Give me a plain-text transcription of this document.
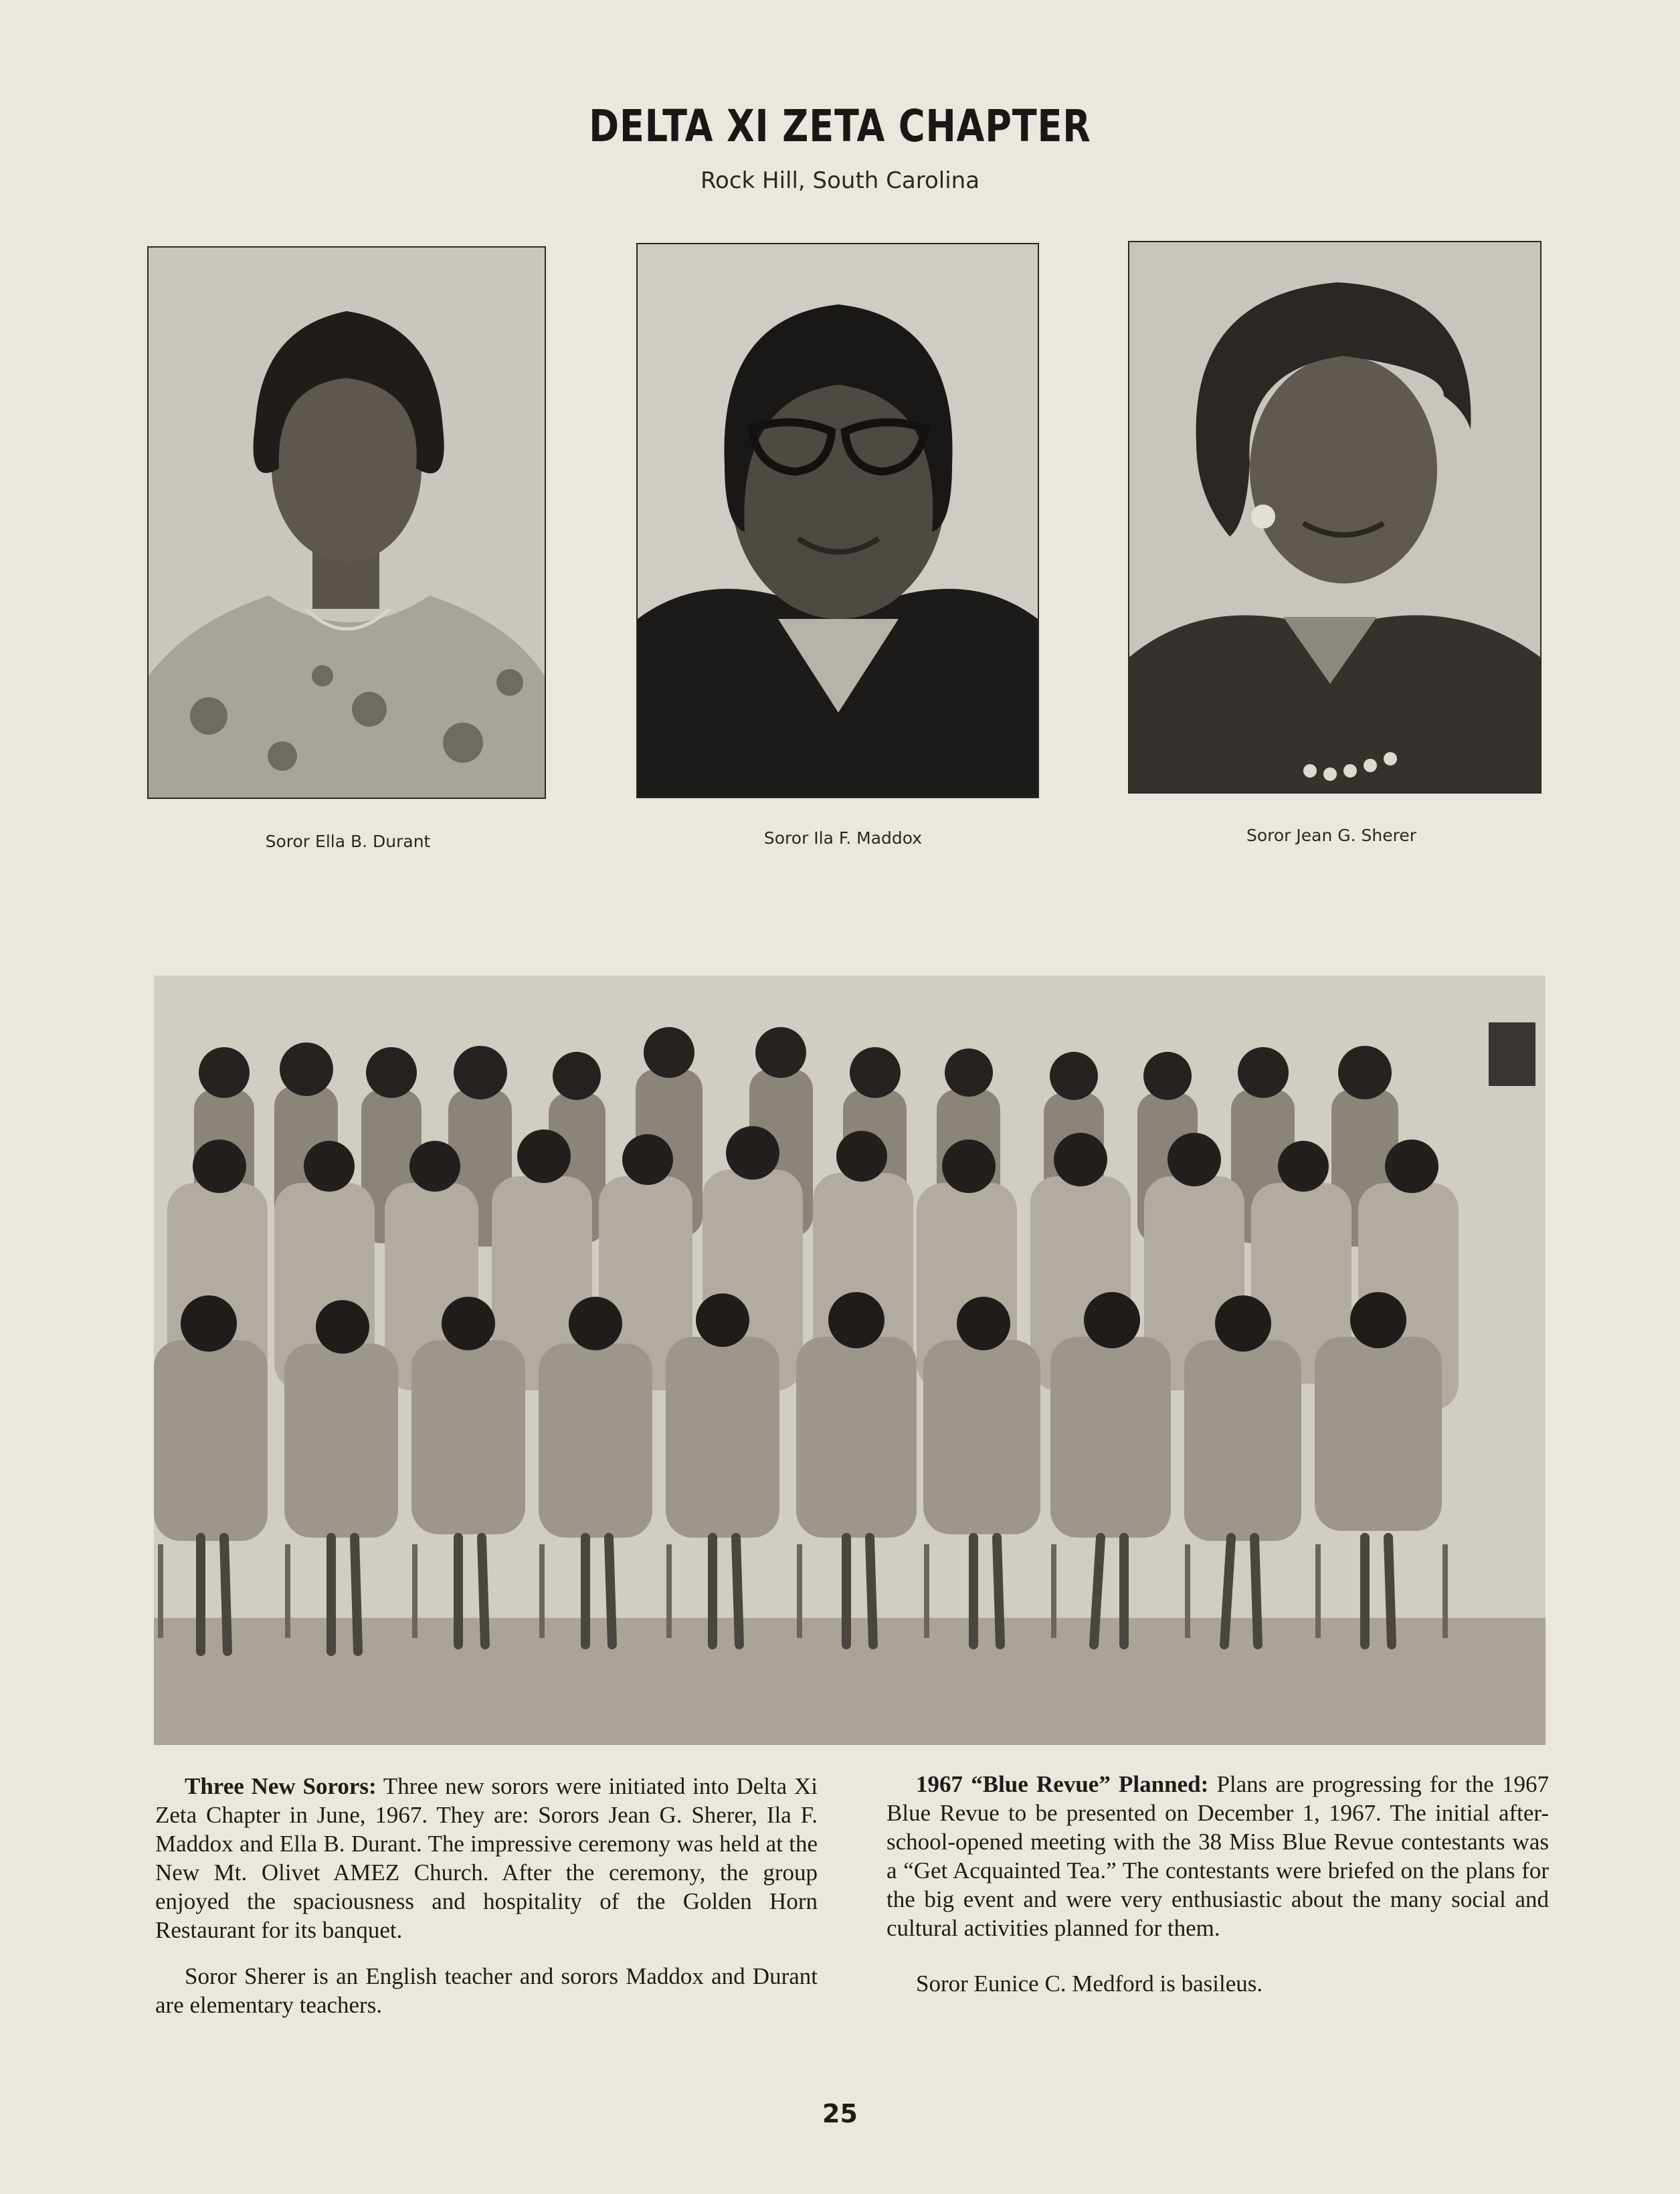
DELTA XI ZETA CHAPTER
Rock Hill, South Carolina
Soror Ella B. Durant	Soror Ila F. Maddox	Soror Jean G. Sherer

Three New Sorors: Three new sorors were initiated into Delta Xi Zeta Chapter in June, 1967. They are: Sorors Jean G. Sherer, Ila F. Maddox and Ella B. Durant. The impressive ceremony was held at the New Mt. Olivet AMEZ Church. After the ceremony, the group enjoyed the spaciousness and hospitality of the Golden Horn Restaurant for its banquet.

Soror Sherer is an English teacher and sorors Maddox and Durant are elementary teachers.

1967 “Blue Revue” Planned: Plans are progressing for the 1967 Blue Revue to be presented on December 1, 1967. The initial after-school-opened meeting with the 38 Miss Blue Revue contestants was a “Get Acquainted Tea.” The contestants were briefed on the plans for the big event and were very enthusiastic about the many social and cultural activities planned for them.

Soror Eunice C. Medford is basileus.

25
